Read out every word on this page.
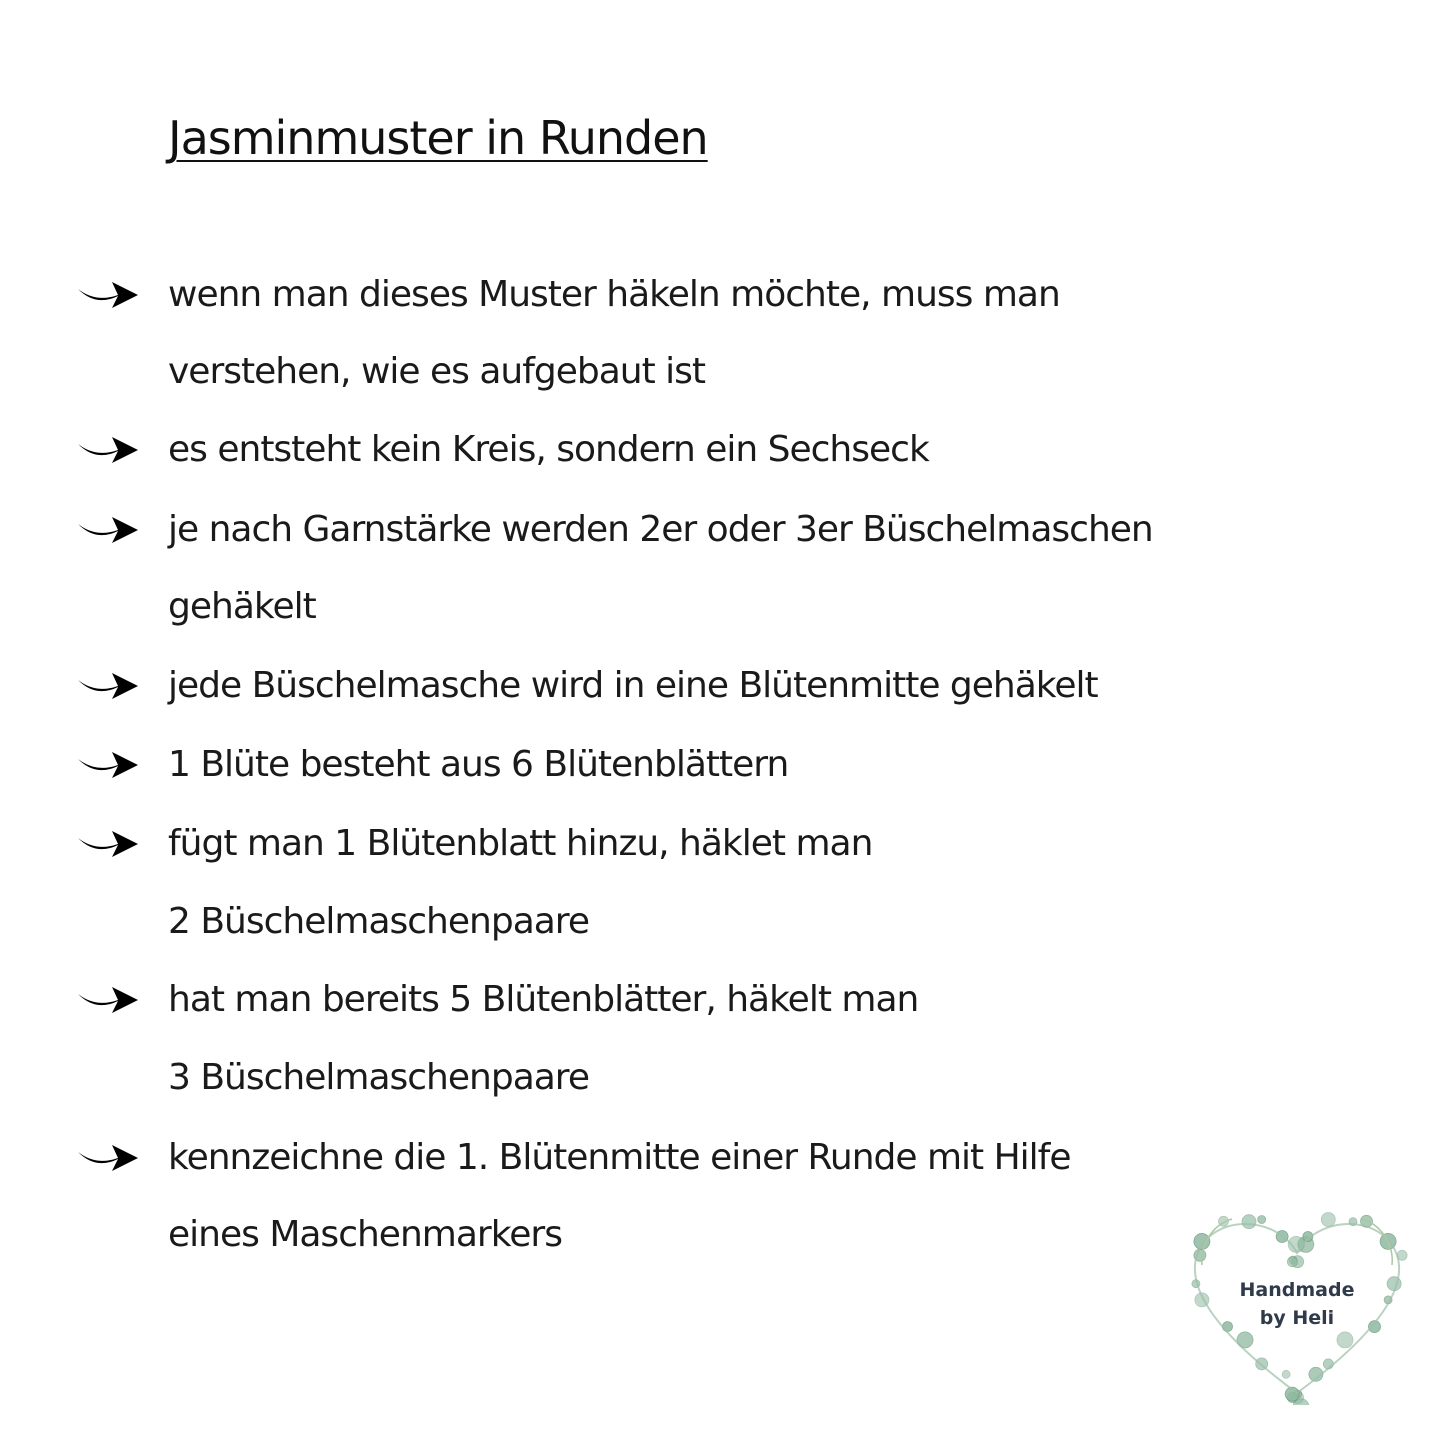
Jasminmuster in Runden
wenn man dieses Muster häkeln möchte, muss man
verstehen, wie es aufgebaut ist
es entsteht kein Kreis, sondern ein Sechseck
je nach Garnstärke werden 2er oder 3er Büschelmaschen
gehäkelt
jede Büschelmasche wird in eine Blütenmitte gehäkelt
1 Blüte besteht aus 6 Blütenblättern
fügt man 1 Blütenblatt hinzu, häklet man
2 Büschelmaschenpaare
hat man bereits 5 Blütenblätter, häkelt man
3 Büschelmaschenpaare
kennzeichne die 1. Blütenmitte einer Runde mit Hilfe
eines Maschenmarkers
Handmade
by Heli
